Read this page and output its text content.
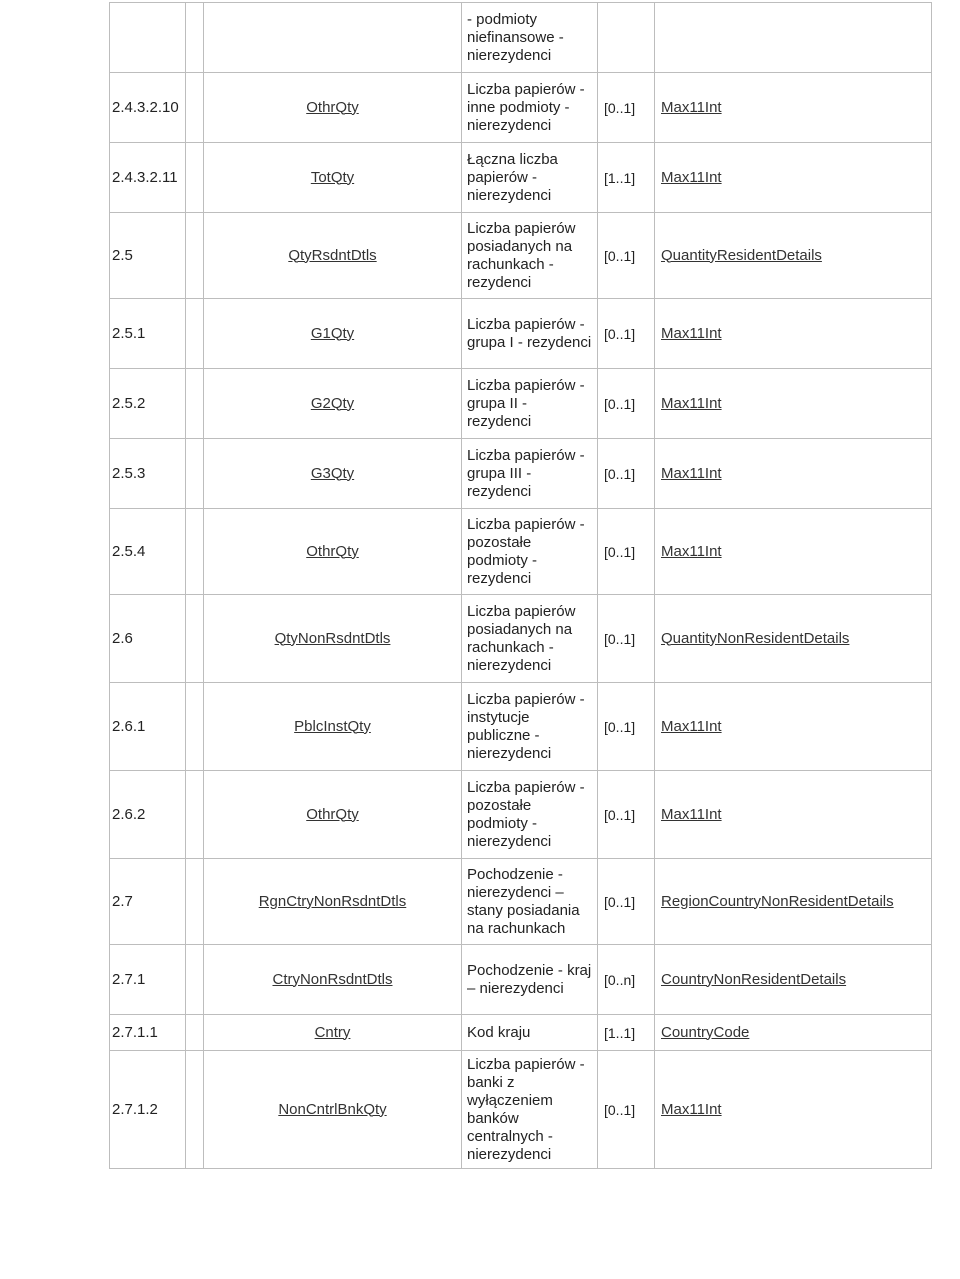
			- podmioty niefinansowe - nierezydenci		
2.4.3.2.10		OthrQty	Liczba papierów - inne podmioty - nierezydenci	[0..1]	Max11Int
2.4.3.2.11		TotQty	Łączna liczba papierów - nierezydenci	[1..1]	Max11Int
2.5		QtyRsdntDtls	Liczba papierów posiadanych na rachunkach - rezydenci	[0..1]	QuantityResidentDetails
2.5.1		G1Qty	Liczba papierów - grupa I - rezydenci	[0..1]	Max11Int
2.5.2		G2Qty	Liczba papierów - grupa II - rezydenci	[0..1]	Max11Int
2.5.3		G3Qty	Liczba papierów - grupa III - rezydenci	[0..1]	Max11Int
2.5.4		OthrQty	Liczba papierów - pozostałe podmioty - rezydenci	[0..1]	Max11Int
2.6		QtyNonRsdntDtls	Liczba papierów posiadanych na rachunkach - nierezydenci	[0..1]	QuantityNonResidentDetails
2.6.1		PblcInstQty	Liczba papierów - instytucje publiczne - nierezydenci	[0..1]	Max11Int
2.6.2		OthrQty	Liczba papierów - pozostałe podmioty - nierezydenci	[0..1]	Max11Int
2.7		RgnCtryNonRsdntDtls	Pochodzenie - nierezydenci – stany posiadania na rachunkach	[0..1]	RegionCountryNonResidentDetails
2.7.1		CtryNonRsdntDtls	Pochodzenie - kraj – nierezydenci	[0..n]	CountryNonResidentDetails
2.7.1.1		Cntry	Kod kraju	[1..1]	CountryCode
2.7.1.2		NonCntrlBnkQty	Liczba papierów - banki z wyłączeniem banków centralnych - nierezydenci	[0..1]	Max11Int
